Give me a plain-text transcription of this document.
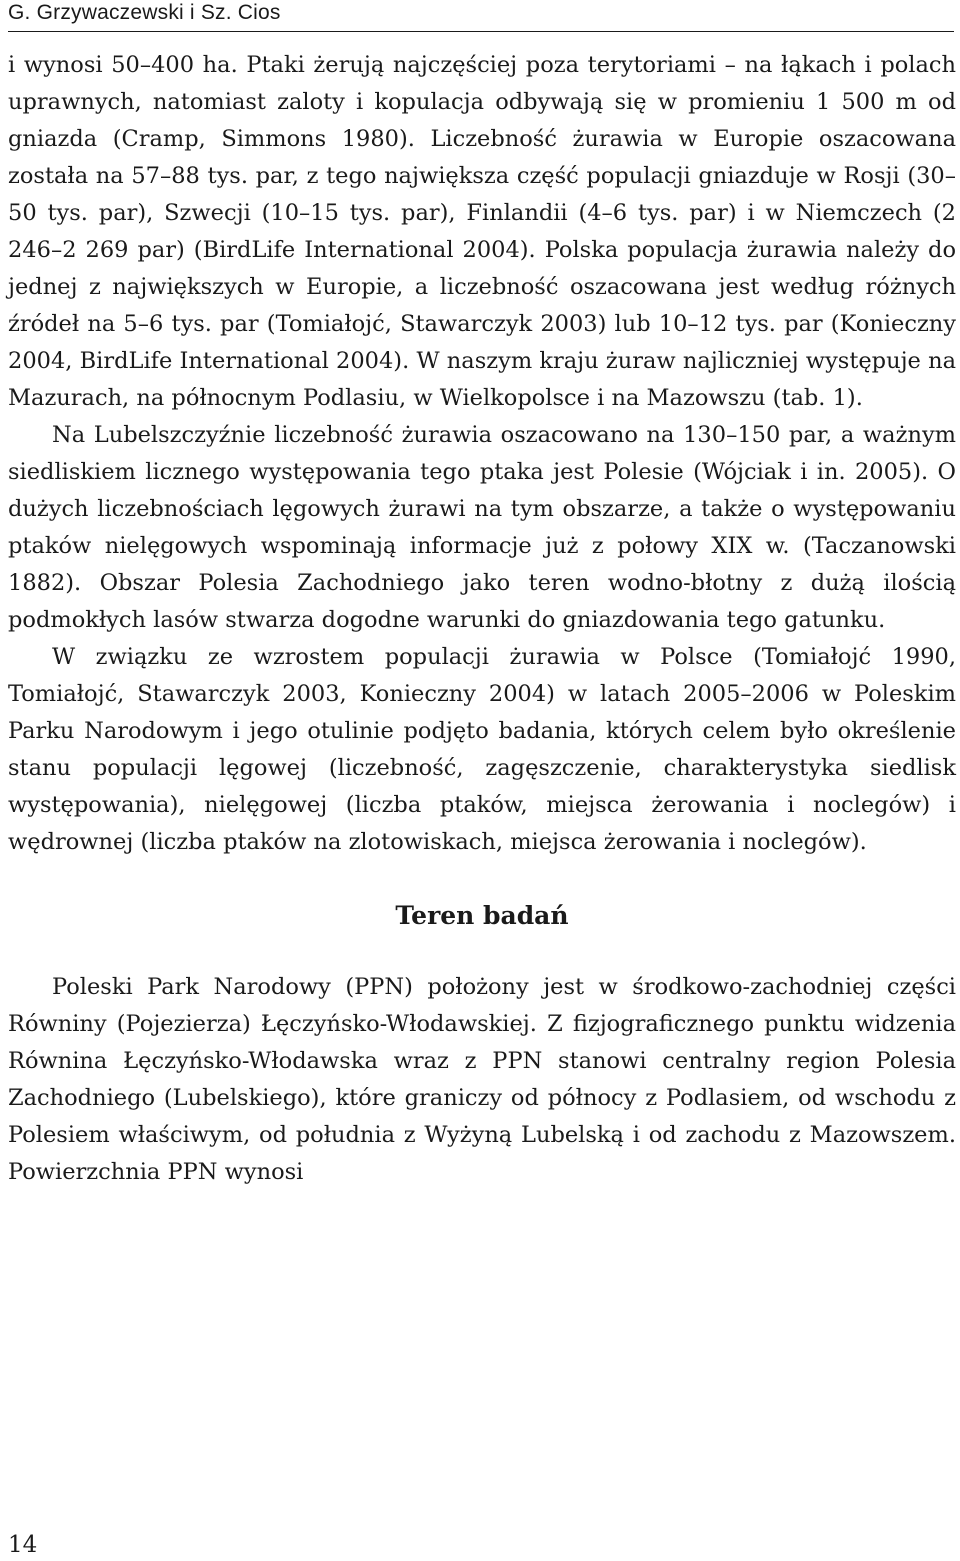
G. Grzywaczewski i Sz. Cios

i wynosi 50–400 ha. Ptaki żerują najczęściej poza terytoriami – na łąkach i polach uprawnych, natomiast zaloty i kopulacja odbywają się w promieniu 1 500 m od gniazda (Cramp, Simmons 1980). Liczebność żurawia w Europie oszacowana została na 57–88 tys. par, z tego największa część populacji gniazduje w Rosji (30–50 tys. par), Szwecji (10–15 tys. par), Finlandii (4–6 tys. par) i w Niemczech (2 246–2 269 par) (BirdLife International 2004). Polska populacja żurawia należy do jednej z największych w Europie, a liczebność oszacowana jest według różnych źródeł na 5–6 tys. par (Tomiałojć, Stawarczyk 2003) lub 10–12 tys. par (Konieczny 2004, BirdLife International 2004). W naszym kraju żuraw najliczniej występuje na Mazurach, na północnym Podlasiu, w Wielkopolsce i na Mazowszu (tab. 1).

Na Lubelszczyźnie liczebność żurawia oszacowano na 130–150 par, a ważnym siedliskiem licznego występowania tego ptaka jest Polesie (Wójciak i in. 2005). O dużych liczebnościach lęgowych żurawi na tym obszarze, a także o występowaniu ptaków nielęgowych wspominają informacje już z połowy XIX w. (Taczanowski 1882). Obszar Polesia Zachodniego jako teren wodno-błotny z dużą ilością podmokłych lasów stwarza dogodne warunki do gniazdowania tego gatunku.

W związku ze wzrostem populacji żurawia w Polsce (Tomiałojć 1990, Tomiałojć, Stawarczyk 2003, Konieczny 2004) w latach 2005–2006 w Poleskim Parku Narodowym i jego otulinie podjęto badania, których celem było określenie stanu populacji lęgowej (liczebność, zagęszczenie, charakterystyka siedlisk występowania), nielęgowej (liczba ptaków, miejsca żerowania i noclegów) i wędrownej (liczba ptaków na zlotowiskach, miejsca żerowania i noclegów).

Teren badań

Poleski Park Narodowy (PPN) położony jest w środkowo-zachodniej części Równiny (Pojezierza) Łęczyńsko-Włodawskiej. Z fizjograficznego punktu widzenia Równina Łęczyńsko-Włodawska wraz z PPN stanowi centralny region Polesia Zachodniego (Lubelskiego), które graniczy od północy z Podlasiem, od wschodu z Polesiem właściwym, od południa z Wyżyną Lubelską i od zachodu z Mazowszem. Powierzchnia PPN wynosi

14
